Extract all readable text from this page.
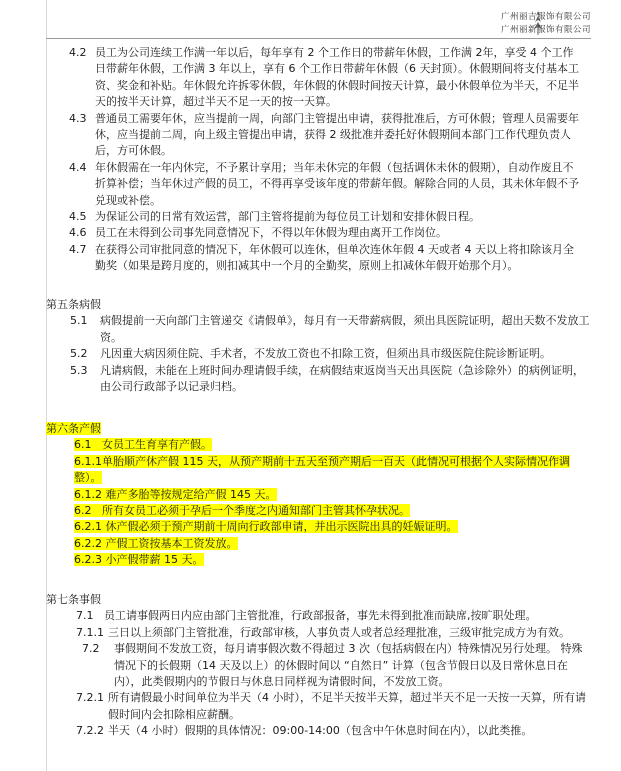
广州丽吉服饰有限公司
广州丽新服饰有限公司
4.2 员工为公司连续工作满一年以后，每年享有 2 个工作日的带薪年休假，工作满 2年，享受 4 个工作日带薪年休假，工作满 3 年以上，享有 6 个工作日带薪年休假（6 天封顶）。休假期间将支付基本工资、奖金和补贴。年休假允许拆零休假，年休假的休假时间按天计算，最小休假单位为半天，不足半天的按半天计算，超过半天不足一天的按一天算。
4.3 普通员工需要年休，应当提前一周，向部门主管提出申请，获得批准后，方可休假；管理人员需要年休，应当提前二周，向上级主管提出申请，获得 2 级批准并委托好休假期间本部门工作代理负责人后，方可休假。
4.4 年休假需在一年内休完，不予累计享用；当年未休完的年假（包括调休未休的假期），自动作废且不折算补偿；当年休过产假的员工，不得再享受该年度的带薪年假。解除合同的人员，其未休年假不予兑现或补偿。
4.5 为保证公司的日常有效运营，部门主管将提前为每位员工计划和安排休假日程。
4.6 员工在未得到公司事先同意情况下，不得以年休假为理由离开工作岗位。
4.7 在获得公司审批同意的情况下，年休假可以连休，但单次连休年假 4 天或者 4 天以上将扣除该月全勤奖（如果是跨月度的，则扣减其中一个月的全勤奖，原则上扣减休年假开始那个月）。
第五条病假
5.1	病假提前一天向部门主管递交《请假单》，每月有一天带薪病假，须出具医院证明，超出天数不发放工资。
5.2	凡因重大病因须住院、手术者，不发放工资也不扣除工资，但须出具市级医院住院诊断证明。
5.3	凡请病假，未能在上班时间办理请假手续，在病假结束返岗当天出具医院（急诊除外）的病例证明，由公司行政部予以记录归档。
第六条产假
6.1 女员工生育享有产假。
6.1.1单胎顺产休产假 115 天，从预产期前十五天至预产期后一百天（此情况可根据个人实际情况作调整）。
6.1.2 难产多胎等按规定给产假 145 天。
6.2 所有女员工必须于孕后一个季度之内通知部门主管其怀孕状况。
6.2.1 休产假必须于预产期前十周向行政部申请，并出示医院出具的妊娠证明。
6.2.2 产假工资按基本工资发放。
6.2.3 小产假带薪 15 天。
第七条事假
7.1 员工请事假两日内应由部门主管批准，行政部报备，事先未得到批准而缺席,按旷职处理。
7.1.1 三日以上须部门主管批准，行政部审核，人事负责人或者总经理批准，三级审批完成方为有效。
7.2	事假期间不发放工资，每月请事假次数不得超过 3 次（包括病假在内）特殊情况另行处理。 特殊情况下的长假期（14 天及以上）的休假时间以 “自然日” 计算（包含节假日以及日常休息日在内），此类假期内的节假日与休息日同样视为请假时间，不发放工资。
7.2.1 所有请假最小时间单位为半天（4 小时），不足半天按半天算，超过半天不足一天按一天算，所有请假时间内会扣除相应薪酬。
7.2.2 半天（4 小时）假期的具体情况：09:00-14:00（包含中午休息时间在内），以此类推。
